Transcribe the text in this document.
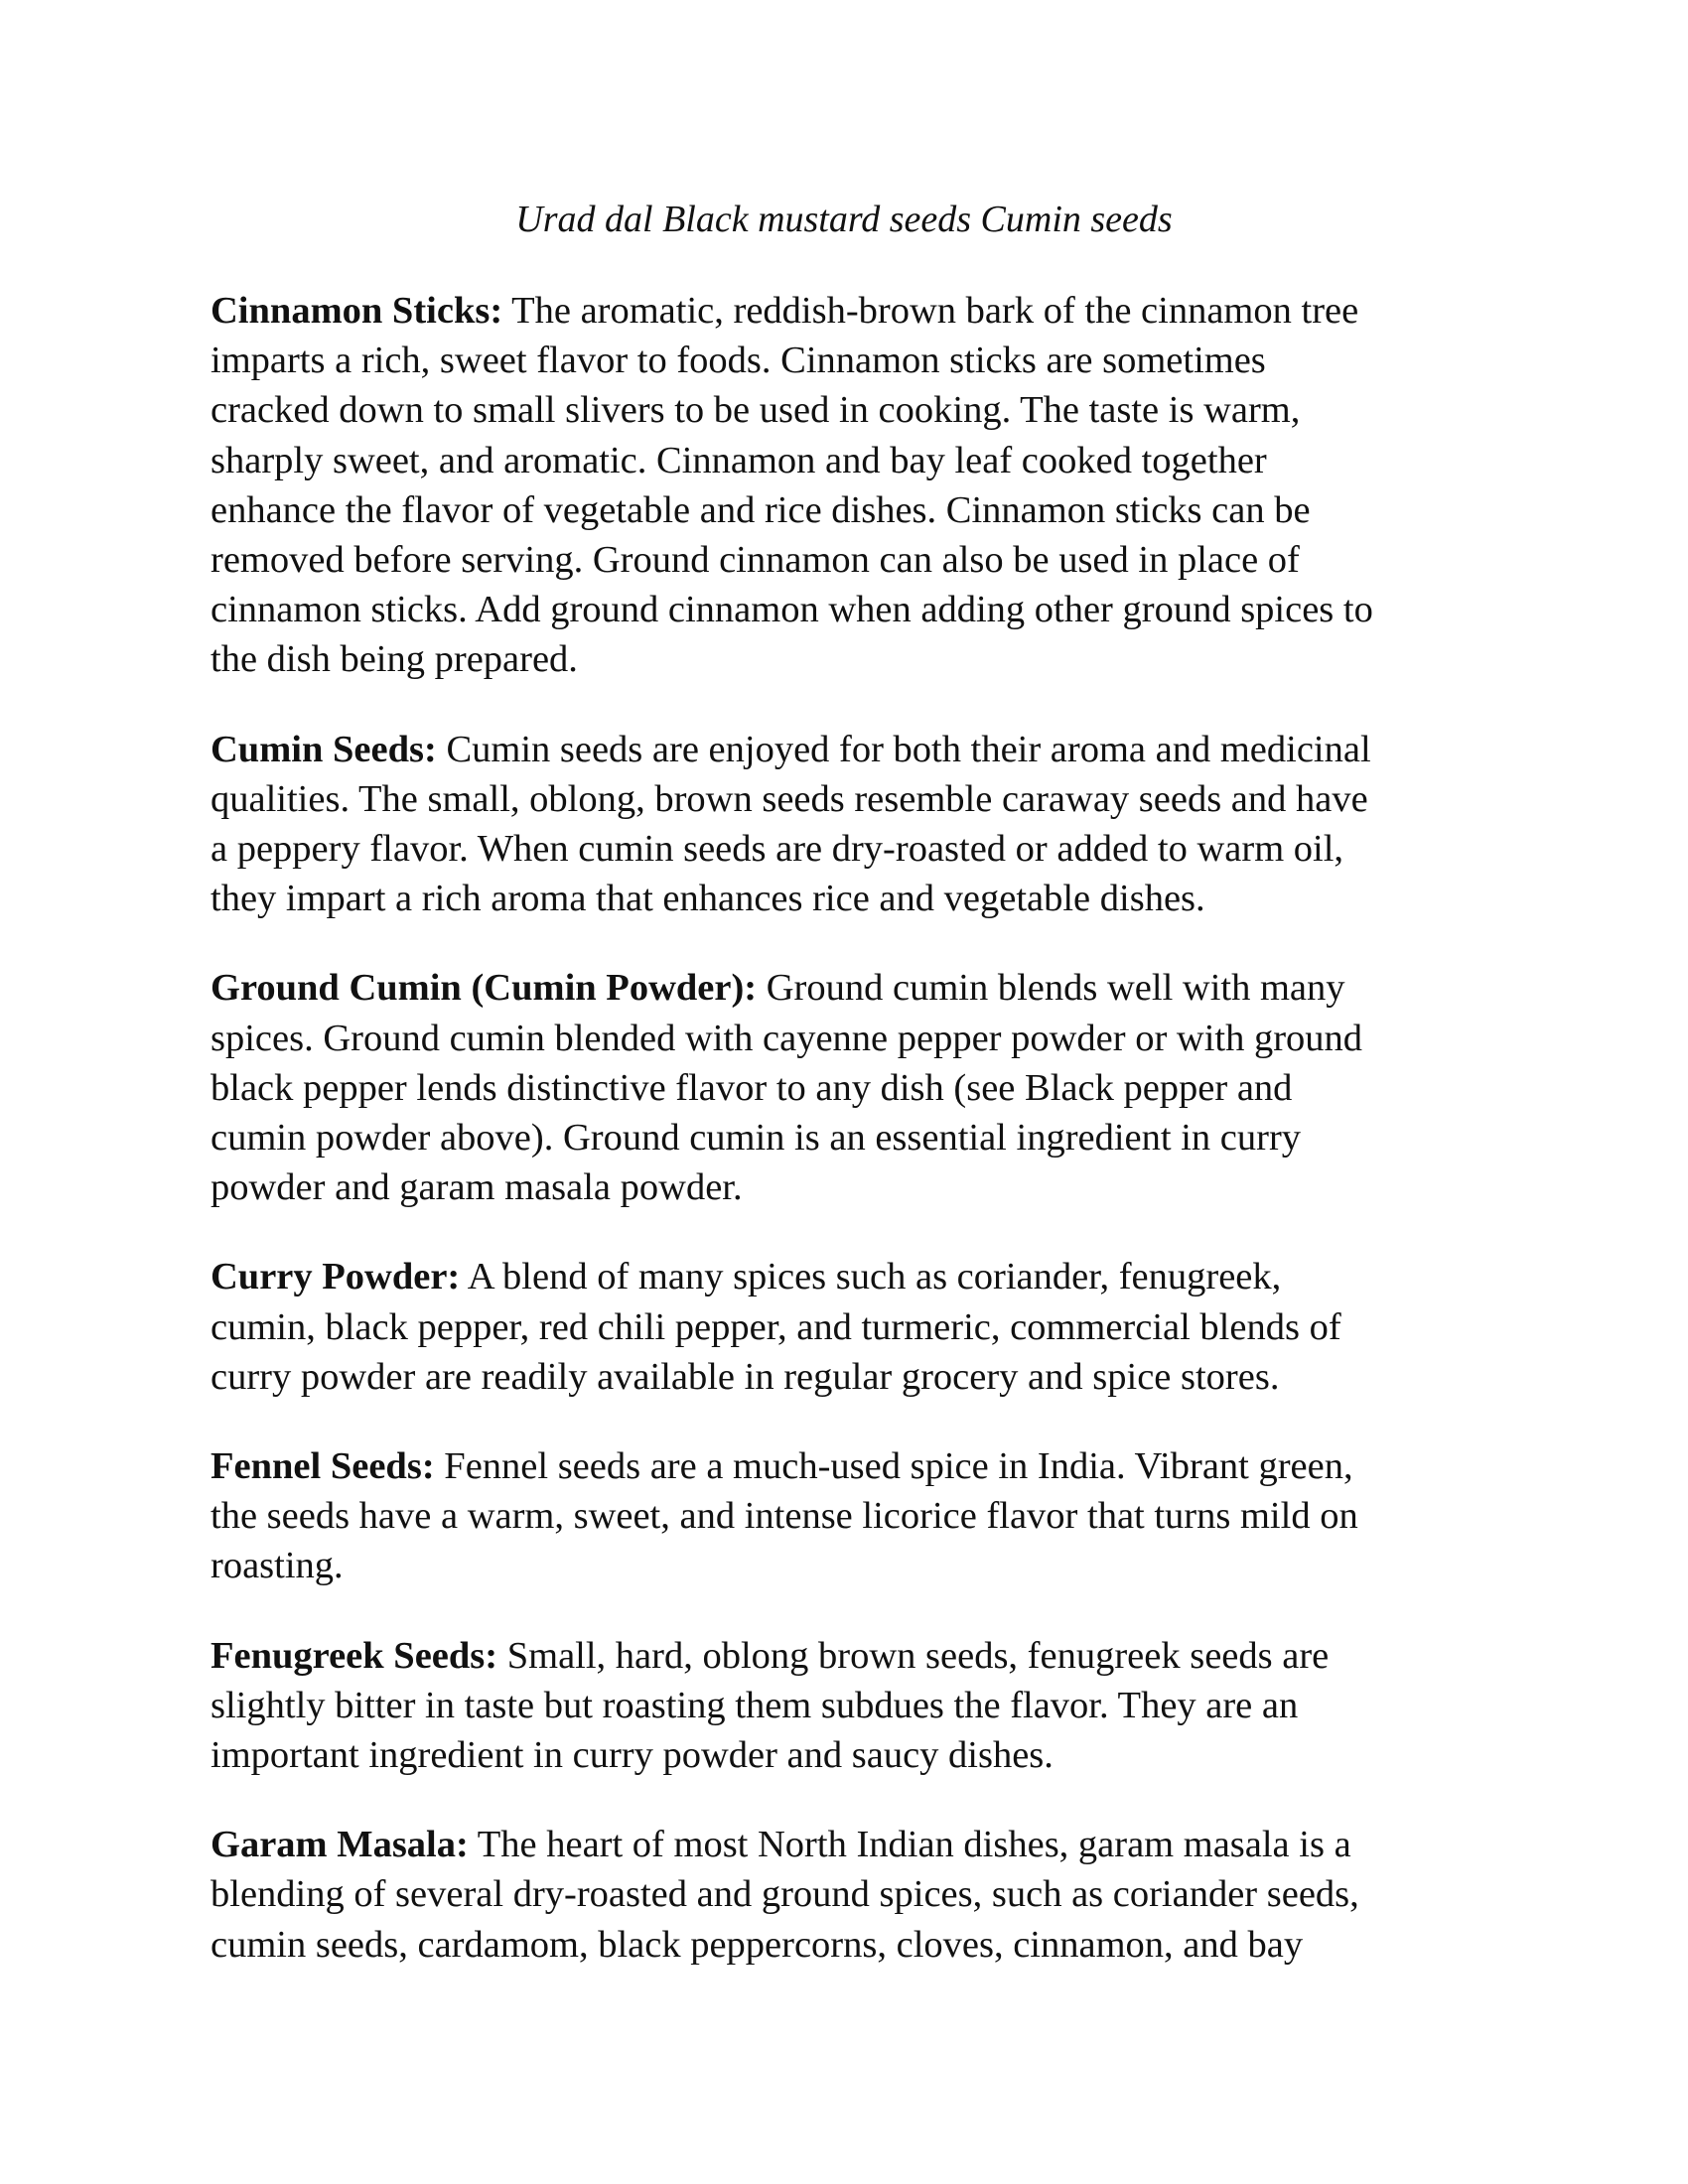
Urad dal Black mustard seeds Cumin seeds

Cinnamon Sticks: The aromatic, reddish-brown bark of the cinnamon tree
imparts a rich, sweet flavor to foods. Cinnamon sticks are sometimes
cracked down to small slivers to be used in cooking. The taste is warm,
sharply sweet, and aromatic. Cinnamon and bay leaf cooked together
enhance the flavor of vegetable and rice dishes. Cinnamon sticks can be
removed before serving. Ground cinnamon can also be used in place of
cinnamon sticks. Add ground cinnamon when adding other ground spices to
the dish being prepared.

Cumin Seeds: Cumin seeds are enjoyed for both their aroma and medicinal
qualities. The small, oblong, brown seeds resemble caraway seeds and have
a peppery flavor. When cumin seeds are dry-roasted or added to warm oil,
they impart a rich aroma that enhances rice and vegetable dishes.

Ground Cumin (Cumin Powder): Ground cumin blends well with many
spices. Ground cumin blended with cayenne pepper powder or with ground
black pepper lends distinctive flavor to any dish (see Black pepper and
cumin powder above). Ground cumin is an essential ingredient in curry
powder and garam masala powder.

Curry Powder: A blend of many spices such as coriander, fenugreek,
cumin, black pepper, red chili pepper, and turmeric, commercial blends of
curry powder are readily available in regular grocery and spice stores.

Fennel Seeds: Fennel seeds are a much-used spice in India. Vibrant green,
the seeds have a warm, sweet, and intense licorice flavor that turns mild on
roasting.

Fenugreek Seeds: Small, hard, oblong brown seeds, fenugreek seeds are
slightly bitter in taste but roasting them subdues the flavor. They are an
important ingredient in curry powder and saucy dishes.

Garam Masala: The heart of most North Indian dishes, garam masala is a
blending of several dry-roasted and ground spices, such as coriander seeds,
cumin seeds, cardamom, black peppercorns, cloves, cinnamon, and bay
